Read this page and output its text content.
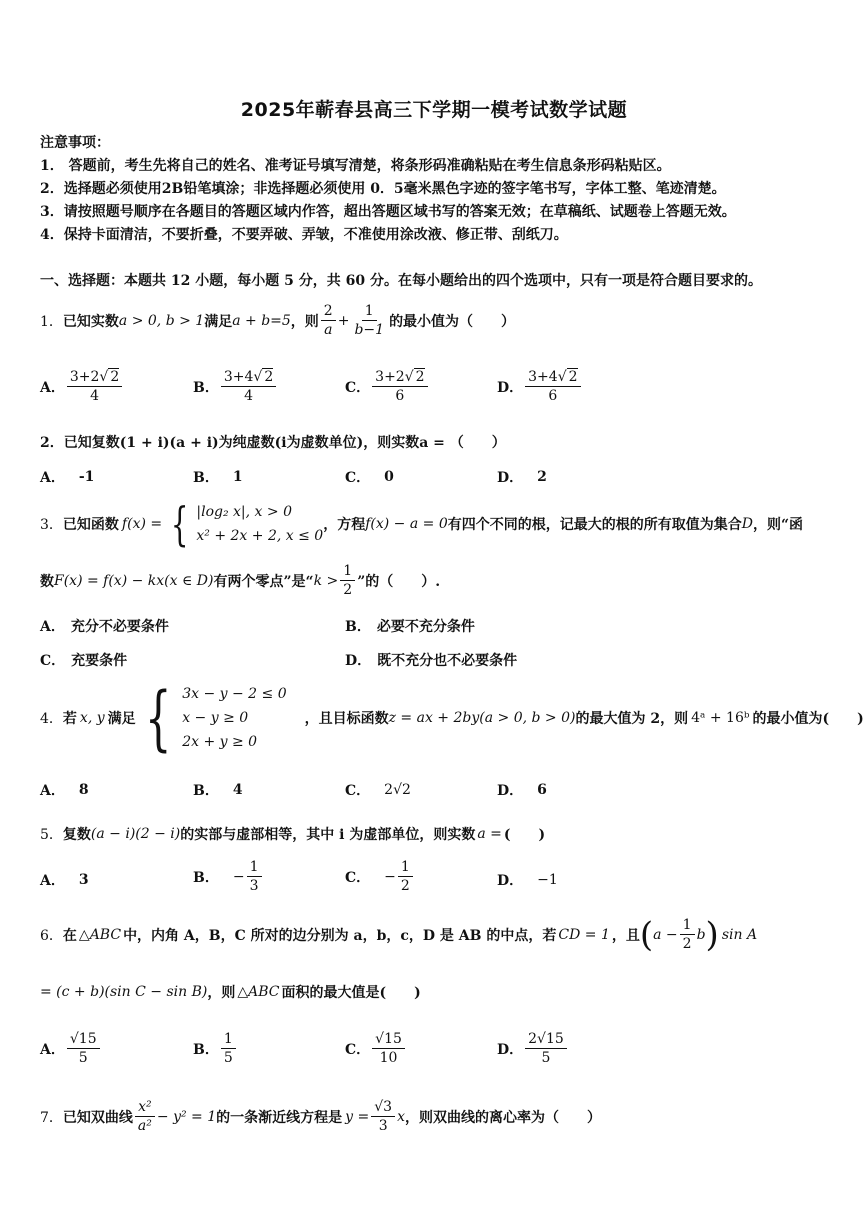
2025年蕲春县高三下学期一模考试数学试题
注意事项：
1． 答题前，考生先将自己的姓名、准考证号填写清楚，将条形码准确粘贴在考生信息条形码粘贴区。
2．选择题必须使用2B铅笔填涂；非选择题必须使用 0．5毫米黑色字迹的签字笔书写，字体工整、笔迹清楚。
3．请按照题号顺序在各题目的答题区域内作答，超出答题区域书写的答案无效；在草稿纸、试题卷上答题无效。
4．保持卡面清洁，不要折叠，不要弄破、弄皱，不准使用涂改液、修正带、刮纸刀。
一、选择题：本题共 12 小题，每小题 5 分，共 60 分。在每小题给出的四个选项中，只有一项是符合题目要求的。
1． 已知实数 a > 0, b > 1 满足 a + b=5 ，则 $\frac{2}{a} + \frac{1}{b-1}$ 的最小值为（　　）
A． $\frac{3+2√ 2}{4}$	B． $\frac{3+4√ 2}{4}$	C． $\frac{3+2√ 2}{6}$	D． $\frac{3+4√ 2}{6}$
2． 已知复数(1 + i)(a + i)为纯虚数(i为虚数单位)，则实数a = （　　）
A． -1	B． 1	C． 0	D． 2
3． 已知函数 f(x) = { |log₂ x|, x > 0
x² + 2x + 2, x ≤ 0
，方程 f(x) − a = 0 有四个不同的根，记最大的根的所有取值为集合 D ，则“函
数 F(x) = f(x) − kx(x ∈ D) 有两个零点”是“ $k > \frac{1}{2}$ ”的（　　）.
A． 充分不必要条件	B． 必要不充分条件
C． 充要条件	D． 既不充分也不必要条件
4． 若 x, y 满足 { 3x − y − 2 ≤ 0
x − y ≥ 0
2x + y ≥ 0
，且目标函数 z = ax + 2by(a > 0, b > 0) 的最大值为 2，则 4ᵃ + 16ᵇ 的最小值为(　　)
A． 8	B． 4	C． 2√2	D． 6
5． 复数 (a − i)(2 − i) 的实部与虚部相等，其中 i 为虚部单位，则实数 a = (　　)
A． 3	B． − $\frac{1}{3}$	C． − $\frac{1}{2}$	D． −1
6． 在 △ABC 中，内角 A，B，C 所对的边分别为 a，b，c，D 是 AB 的中点，若 CD = 1 ，且 ( $a - \frac{1}{2}$ b ) sin A
= (c + b)(sin C − sin B) ，则 △ABC 面积的最大值是(　　)
A． $\frac{√15}{5}$	B． $\frac{1}{5}$	C． $\frac{√15}{10}$	D． $\frac{2√15}{5}$
7． 已知双曲线 $\frac{\text{x²}}{\text{a²}} - y^2 = 1$ 的一条渐近线方程是 $y = \frac{√3}{3}$ x ，则双曲线的离心率为（　　）
